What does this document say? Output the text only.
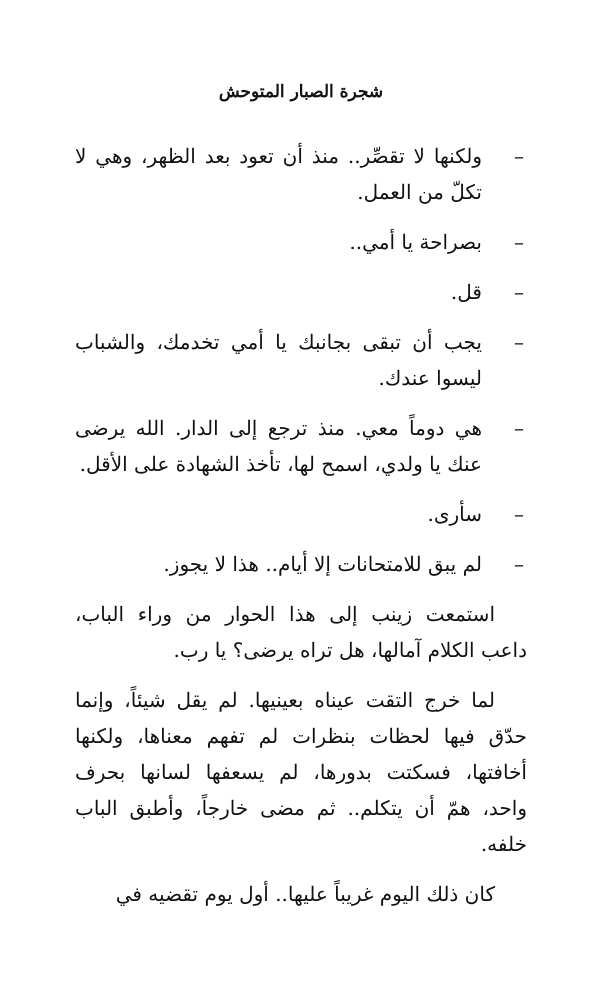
شجرة الصبار المتوحش
–
ولكنها لا تقصِّر.. منذ أن تعود بعد الظهر، وهي لا تكلّ من العمل.
–
بصراحة يا أمي..
–
قل.
–
يجب أن تبقى بجانبك يا أمي تخدمك، والشباب ليسوا عندك.
–
هي دوماً معي. منذ ترجع إلى الدار. الله يرضى عنك يا ولدي، اسمح لها، تأخذ الشهادة على الأقل.
–
سأرى.
–
لم يبق للامتحانات إلا أيام.. هذا لا يجوز.

استمعت زينب إلى هذا الحوار من وراء الباب، داعب الكلام آمالها، هل تراه يرضى؟ يا رب.

لما خرج التقت عيناه بعينيها. لم يقل شيئاً، وإنما حدّق فيها لحظات بنظرات لم تفهم معناها، ولكنها أخافتها، فسكتت بدورها، لم يسعفها لسانها بحرف واحد، همّ أن يتكلم.. ثم مضى خارجاً، وأطبق الباب خلفه.

كان ذلك اليوم غريباً عليها.. أول يوم تقضيه في
